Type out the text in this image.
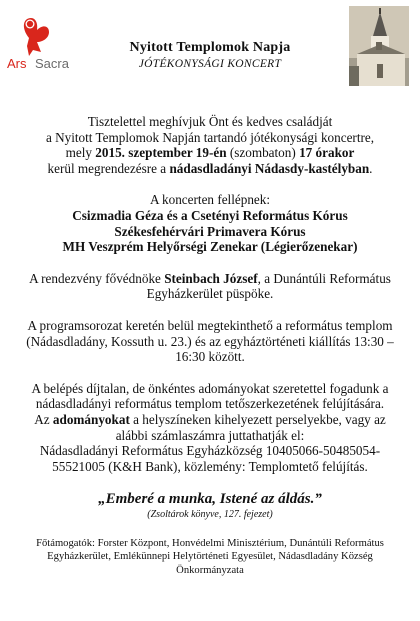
Ars Sacra
Nyitott Templomok Napja
JÓTÉKONYSÁGI KONCERT

Tisztelettel meghívjuk Önt és kedves családját

a Nyitott Templomok Napján tartandó jótékonysági koncertre,

mely 2015. szeptember 19-én (szombaton) 17 órakor

kerül megrendezésre a nádasdladányi Nádasdy-kastélyban.

A koncerten fellépnek:

Csizmadia Géza és a Csetényi Református Kórus

Székesfehérvári Primavera Kórus

MH Veszprém Helyőrségi Zenekar (Légierőzenekar)

A rendezvény fővédnöke Steinbach József, a Dunántúli Református Egyházkerület püspöke.

A programsorozat keretén belül megtekinthető a református templom (Nádasdladány, Kossuth u. 23.) és az egyháztörténeti kiállítás 13:30 – 16:30 között.

A belépés díjtalan, de önkéntes adományokat szeretettel fogadunk a nádasdladányi református templom tetőszerkezetének felújítására.

Az adományokat a helyszíneken kihelyezett perselyekbe, vagy az alábbi számlaszámra juttathatják el:

Nádasdladányi Református Egyházközség 10405066-50485054-55521005 (K&H Bank), közlemény: Templomtető felújítás.

„Emberé a munka, Istené az áldás.”

(Zsoltárok könyve, 127. fejezet)

Főtámogatók: Forster Központ, Honvédelmi Minisztérium, Dunántúli Református Egyházkerület, Emlékünnepi Helytörténeti Egyesület, Nádasdladány Község Önkormányzata
